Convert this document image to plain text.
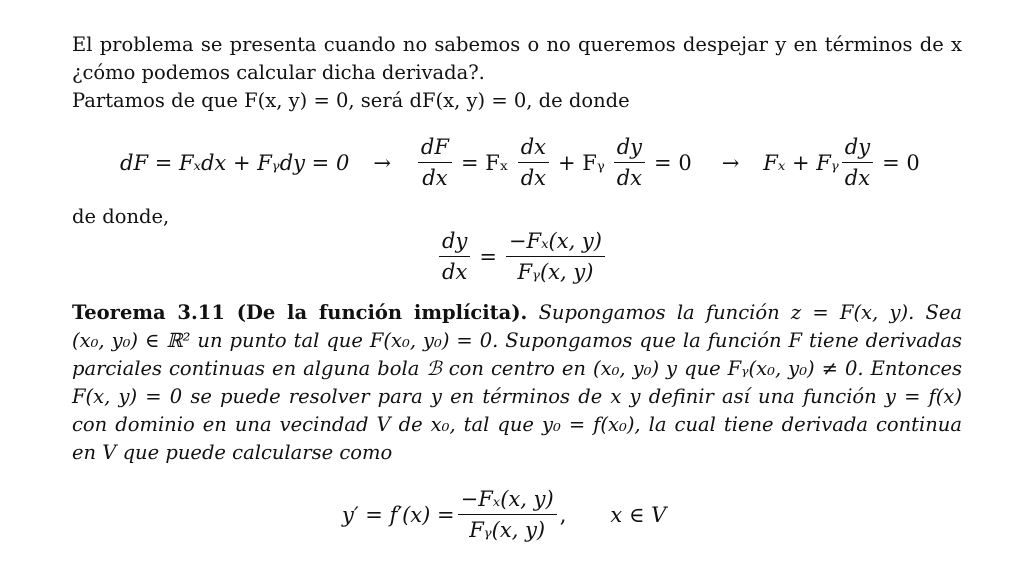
El problema se presenta cuando no sabemos o no queremos despejar y en términos de x
¿cómo podemos calcular dicha derivada?.
Partamos de que F(x, y) = 0, será dF(x, y) = 0, de donde
dF = Fₓdx + Fᵧdy = $0 \to \frac{dF}{dx} = F_x \frac{dx}{dx}$ + Fᵧ $\frac{dy}{dx} = 0 \to F_x$ + Fᵧ $\frac{dy}{dx} = 0$
de donde,
$\frac{dy}{dx} = \frac{\text{−Fₓ(x, y)}}{\text{Fᵧ(x, y)}}$
Teorema 3.11 (De la función implícita). Supongamos la función z = F(x, y). Sea
(x₀, y₀) ∈ ℝ² un punto tal que F(x₀, y₀) = 0. Supongamos que la función F tiene derivadas
parciales continuas en alguna bola ℬ con centro en (x₀, y₀) y que Fᵧ(x₀, y₀) ≠ 0. Entonces
F(x, y) = 0 se puede resolver para y en términos de x y definir así una función y = f(x)
con dominio en una vecindad V de x₀, tal que y₀ = f(x₀), la cual tiene derivada continua
en V que puede calcularse como
$y' = f'(x) = \frac{\text{−Fₓ(x, y)}}{\text{Fᵧ(x, y)}}$ , x ∈ V
